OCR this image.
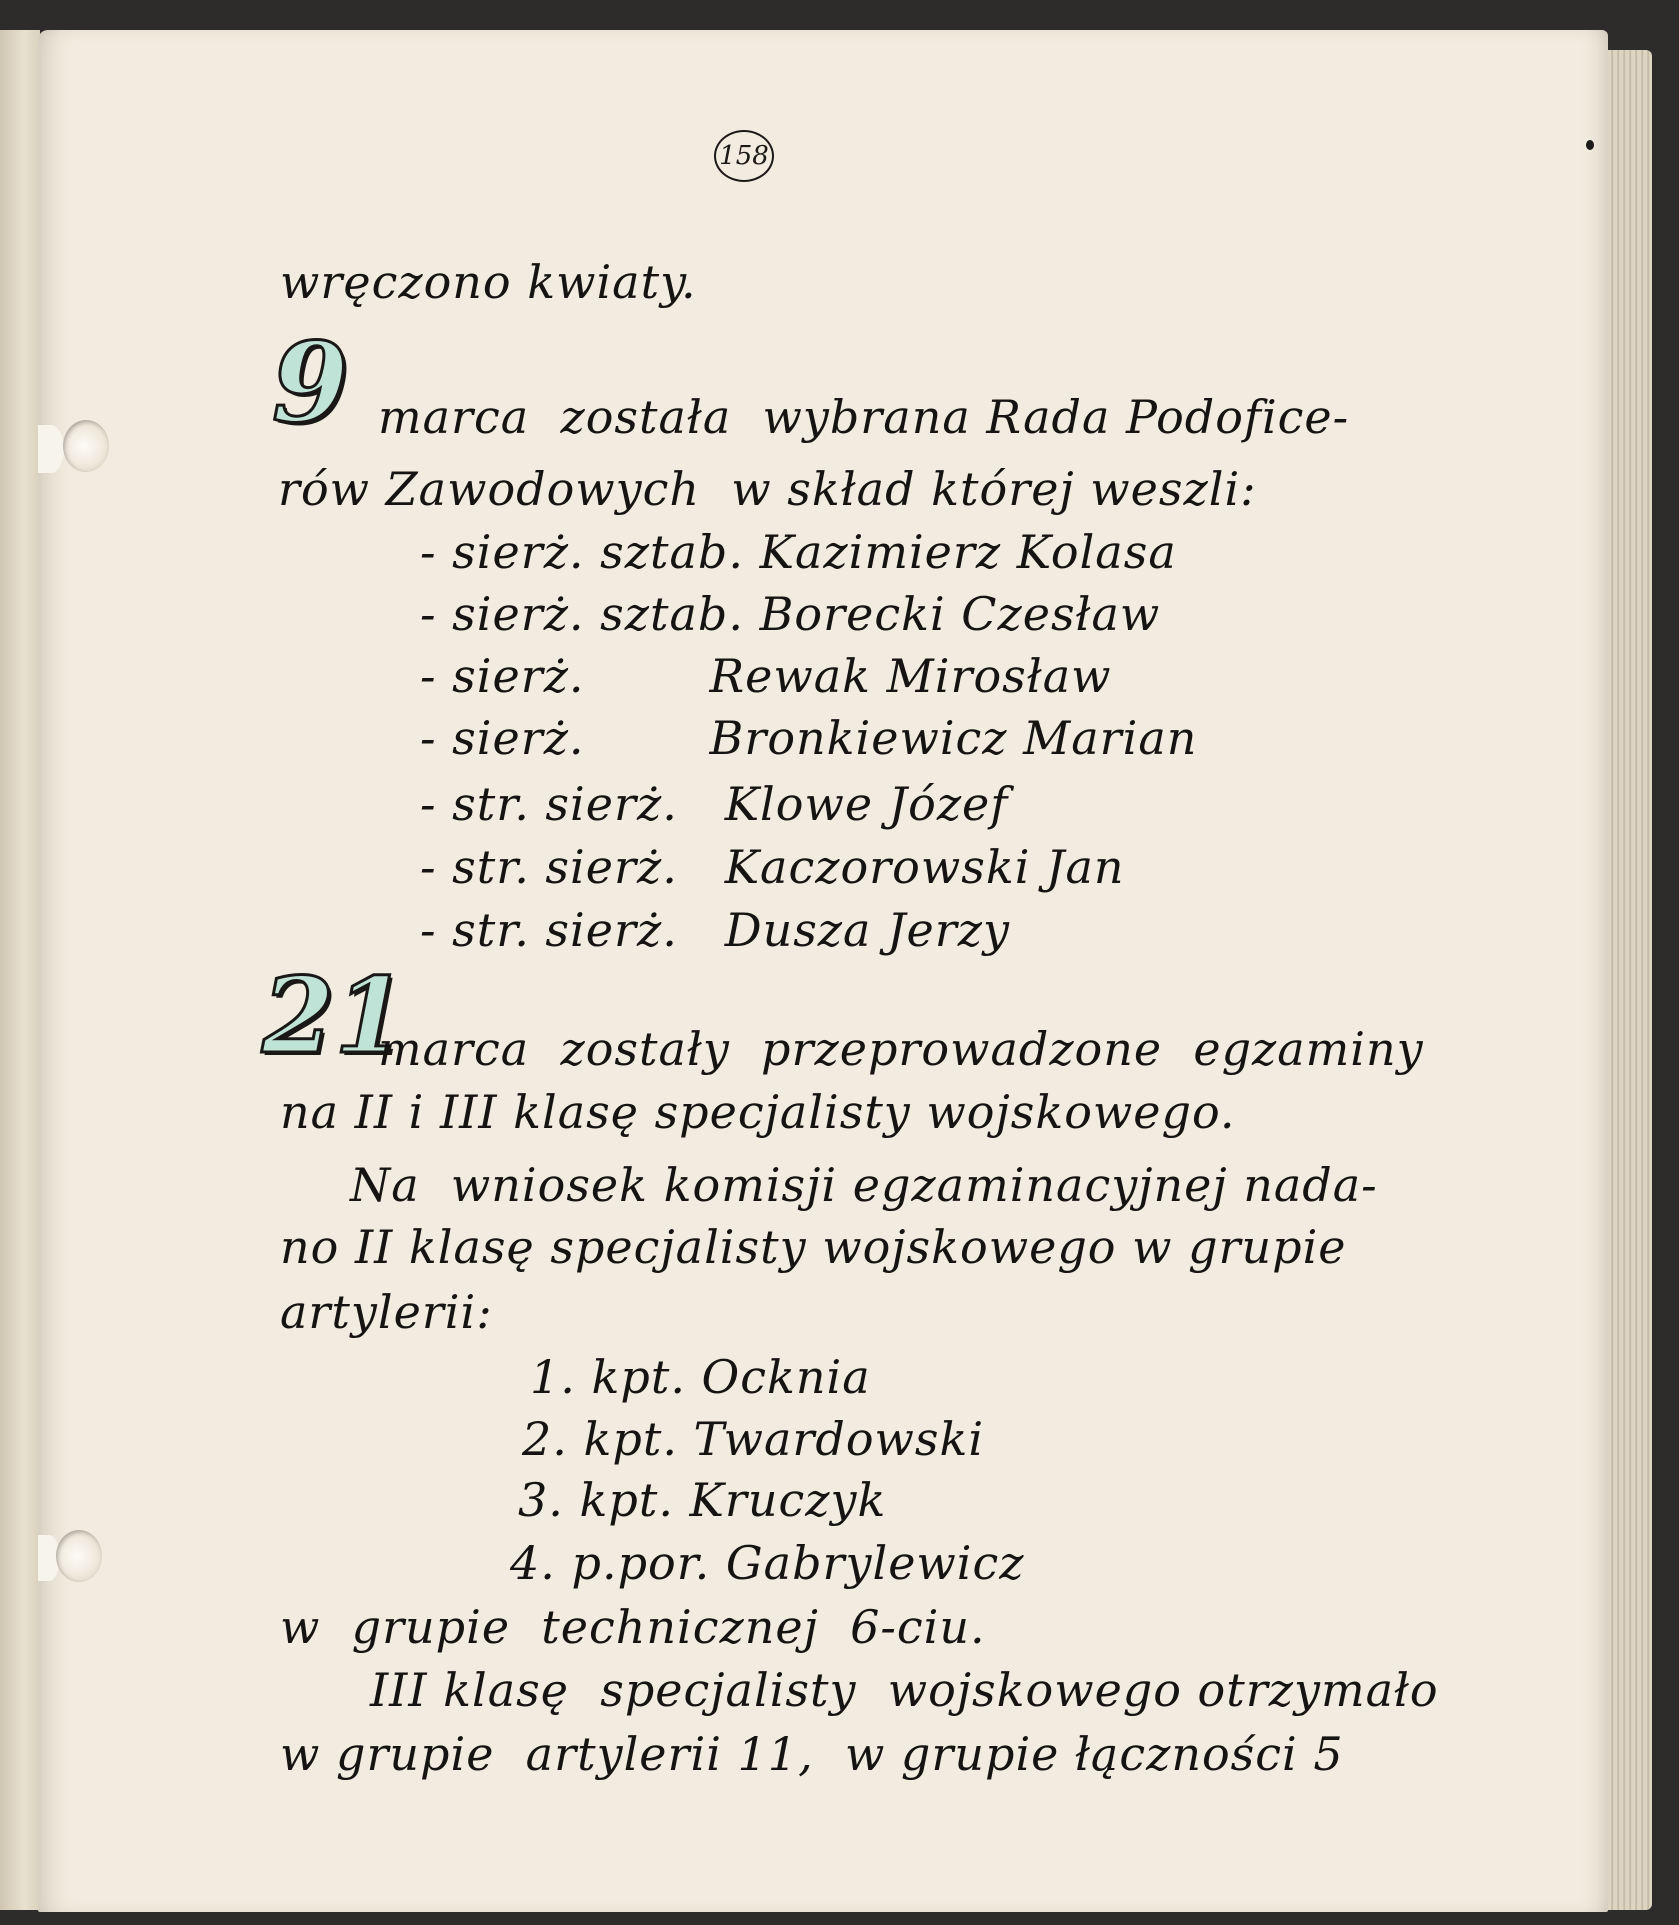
158
9
21
wręczono kwiaty.
marca  została  wybrana Rada Podofice-
rów Zawodowych  w skład której weszli:
- sierż. sztab. Kazimierz Kolasa
- sierż. sztab. Borecki Czesław
- sierż.        Rewak Mirosław
- sierż.        Bronkiewicz Marian
- str. sierż.   Klowe Józef
- str. sierż.   Kaczorowski Jan
- str. sierż.   Dusza Jerzy
marca  zostały  przeprowadzone  egzaminy
na II i III klasę specjalisty wojskowego.
Na  wniosek komisji egzaminacyjnej nada-
no II klasę specjalisty wojskowego w grupie
artylerii:
1. kpt. Ocknia
2. kpt. Twardowski
3. kpt. Kruczyk
4. p.por. Gabrylewicz
w  grupie  technicznej  6-ciu.
III klasę  specjalisty  wojskowego otrzymało
w grupie  artylerii 11,  w grupie łączności 5
